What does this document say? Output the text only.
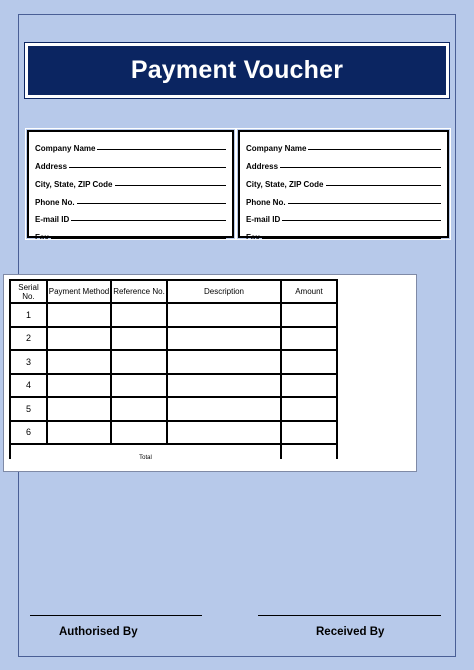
Payment Voucher
Company Name
Address
City, State, ZIP Code
Phone No.
E-mail ID
Fax
Company Name
Address
City, State, ZIP Code
Phone No.
E-mail ID
Fax
Serial No.	Payment Method	Reference No.	Description	Amount
1				
2				
3				
4				
5				
6				
$_{Total}$	
Authorised By	Received By
